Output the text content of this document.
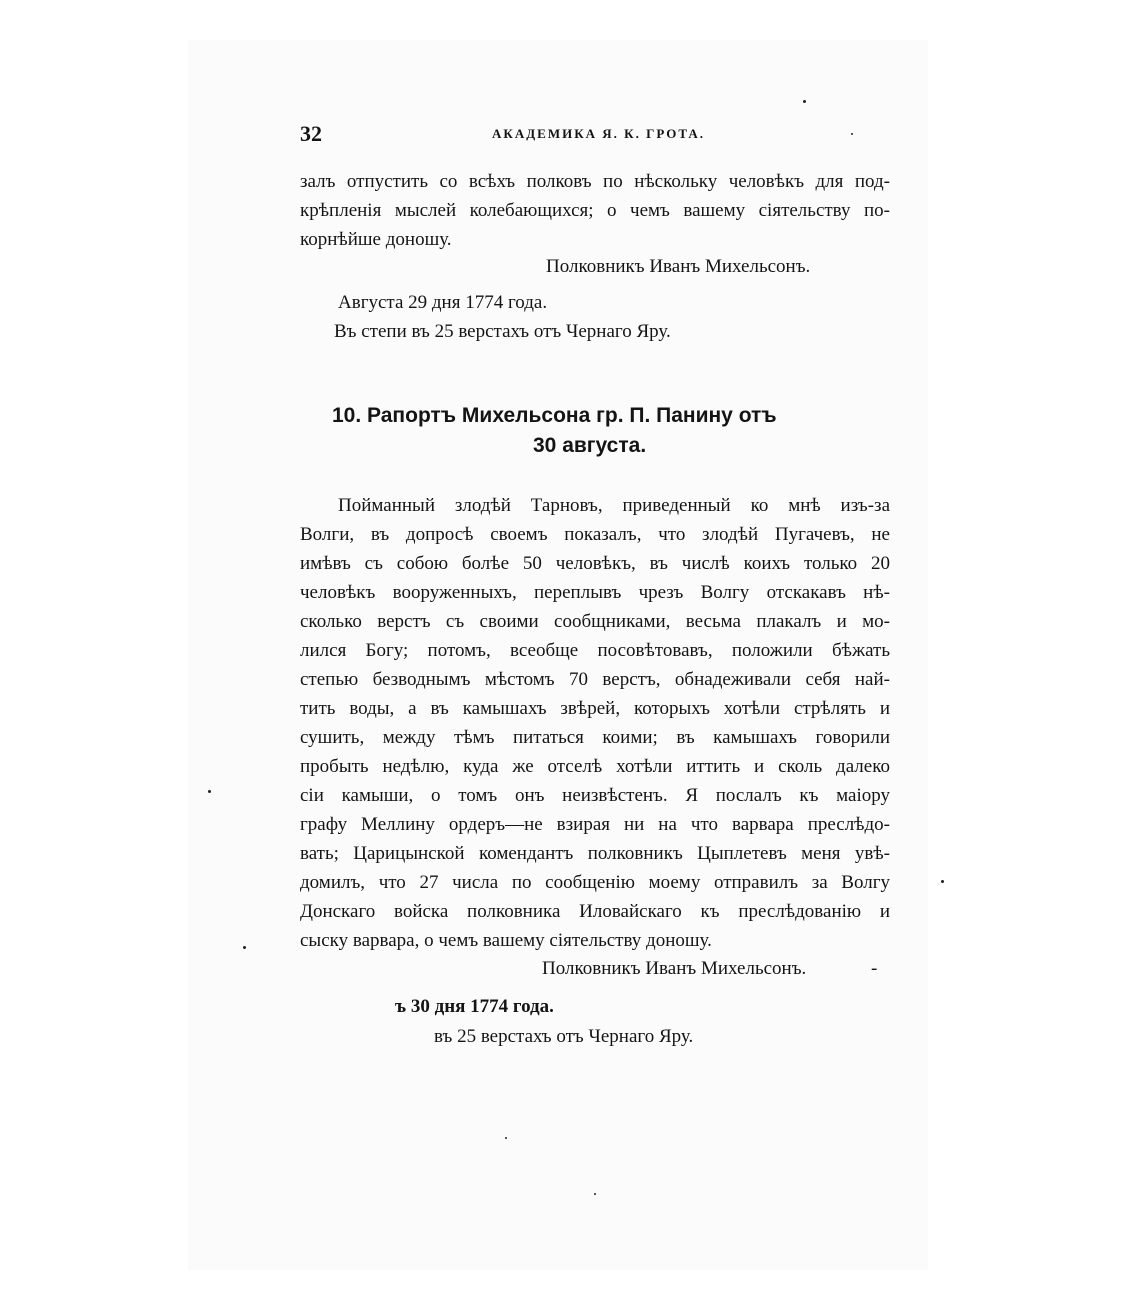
32	АКАДЕМИКА Я. К. ГРОТА.
залъ отпустить со всѣхъ полковъ по нѣскольку человѣкъ для под-
крѣпленія мыслей колебающихся; о чемъ вашему сіятельству по-
корнѣйше доношу.
Полковникъ Иванъ Михельсонъ.
Августа 29 дня 1774 года.
Въ степи въ 25 верстахъ отъ Чернаго Яру.
10. Рапортъ Михельсона гр. П. Панину отъ
30 августа.
Пойманный злодѣй Тарновъ, приведенный ко мнѣ изъ-за
Волги, въ допросѣ своемъ показалъ, что злодѣй Пугачевъ, не
имѣвъ съ собою болѣе 50 человѣкъ, въ числѣ коихъ только 20
человѣкъ вооруженныхъ, переплывъ чрезъ Волгу отскакавъ нѣ-
сколько верстъ съ своими сообщниками, весьма плакалъ и мо-
лился Богу; потомъ, всеобще посовѣтовавъ, положили бѣжать
степью безводнымъ мѣстомъ 70 верстъ, обнадеживали себя най-
тить воды, а въ камышахъ звѣрей, которыхъ хотѣли стрѣлять и
сушить, между тѣмъ питаться коими; въ камышахъ говорили
пробыть недѣлю, куда же отселѣ хотѣли иттить и сколь далеко
сіи камыши, о томъ онъ неизвѣстенъ. Я послалъ къ маіору
графу Меллину ордеръ—не взирая ни на что варвара преслѣдо-
вать; Царицынской комендантъ полковникъ Цыплетевъ меня увѣ-
домилъ, что 27 числа по сообщенію моему отправилъ за Волгу
Донскаго войска полковника Иловайскаго къ преслѣдованію и
сыску варвара, о чемъ вашему сіятельству доношу.
Полковникъ Иванъ Михельсонъ.	-
ъ 30 дня 1774 года.
въ 25 верстахъ отъ Чернаго Яру.
